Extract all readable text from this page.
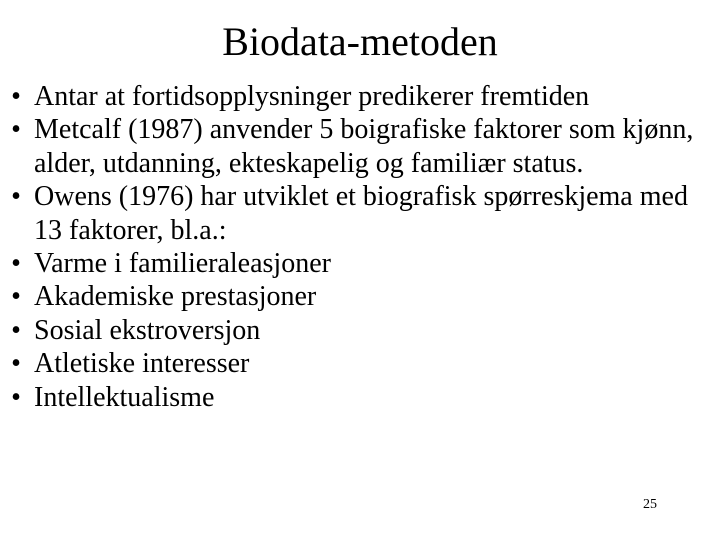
Biodata-metoden
• Antar at fortidsopplysninger predikerer fremtiden
• Metcalf (1987) anvender 5 boigrafiske faktorer som kjønn, alder, utdanning, ekteskapelig og familiær status.
• Owens (1976) har utviklet et biografisk spørreskjema med 13 faktorer, bl.a.:
• Varme i familieraleasjoner
• Akademiske prestasjoner
• Sosial ekstroversjon
• Atletiske interesser
• Intellektualisme
25
